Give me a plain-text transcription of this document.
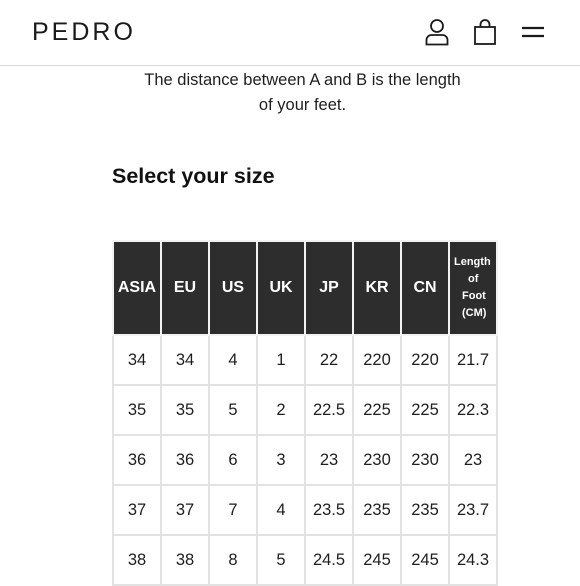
PEDRO
The distance between A and B is the length
of your feet.
Select your size
ASIA	EU	US	UK	JP	KR	CN	Length
of
Foot
(CM)

34	34	4	1	22	220	220	21.7
35	35	5	2	22.5	225	225	22.3
36	36	6	3	23	230	230	23
37	37	7	4	23.5	235	235	23.7
38	38	8	5	24.5	245	245	24.3
